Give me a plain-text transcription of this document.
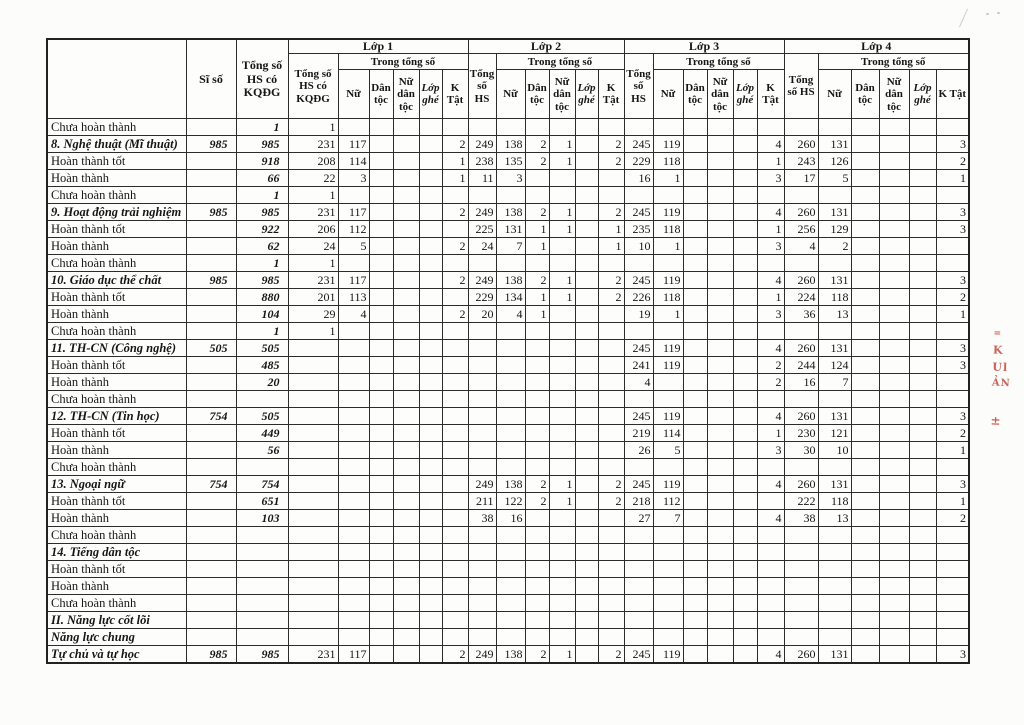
	Sĩ số	Tổng số HS có KQĐG	Lớp 1						Lớp 2						Lớp 3						Lớp 4					
			Tổng số HS có KQĐG	Trong tổng số					Tổng số HS	Trong tổng số					Tổng số HS	Trong tổng số					Tổng số HS	Trong tổng số				
				Nữ	Dân tộc	Nữ dân tộc	Lớp ghé	K Tật		Nữ	Dân tộc	Nữ dân tộc	Lớp ghé	K Tật		Nữ	Dân tộc	Nữ dân tộc	Lớp ghé	K Tật		Nữ	Dân tộc	Nữ dân tộc	Lớp ghé	K Tật
Chưa hoàn thành		1	1																							
8. Nghệ thuật (Mĩ thuật)	985	985	231	117				2	249	138	2	1		2	245	119				4	260	131				3
Hoàn thành tốt		918	208	114				1	238	135	2	1		2	229	118				1	243	126				2
Hoàn thành		66	22	3				1	11	3					16	1				3	17	5				1
Chưa hoàn thành		1	1																							
9. Hoạt động trải nghiệm	985	985	231	117				2	249	138	2	1		2	245	119				4	260	131				3
Hoàn thành tốt		922	206	112					225	131	1	1		1	235	118				1	256	129				3
Hoàn thành		62	24	5				2	24	7	1			1	10	1				3	4	2				
Chưa hoàn thành		1	1																							
10. Giáo dục thể chất	985	985	231	117				2	249	138	2	1		2	245	119				4	260	131				3
Hoàn thành tốt		880	201	113					229	134	1	1		2	226	118				1	224	118				2
Hoàn thành		104	29	4				2	20	4	1				19	1				3	36	13				1
Chưa hoàn thành		1	1																							
11. TH-CN (Công nghệ)	505	505													245	119				4	260	131				3
Hoàn thành tốt		485													241	119				2	244	124				3
Hoàn thành		20													4					2	16	7				
Chưa hoàn thành																										
12. TH-CN (Tin học)	754	505													245	119				4	260	131				3
Hoàn thành tốt		449													219	114				1	230	121				2
Hoàn thành		56													26	5				3	30	10				1
Chưa hoàn thành																										
13. Ngoại ngữ	754	754							249	138	2	1		2	245	119				4	260	131				3
Hoàn thành tốt		651							211	122	2	1		2	218	112					222	118				1
Hoàn thành		103							38	16					27	7				4	38	13				2
Chưa hoàn thành																										
14. Tiếng dân tộc																										
Hoàn thành tốt																										
Hoàn thành																										
Chưa hoàn thành																										
II. Năng lực cốt lõi																										
Năng lực chung																										
Tự chủ và tự học	985	985	231	117				2	249	138	2	1		2	245	119				4	260	131				3
=
K
Ul
ẢN
±
